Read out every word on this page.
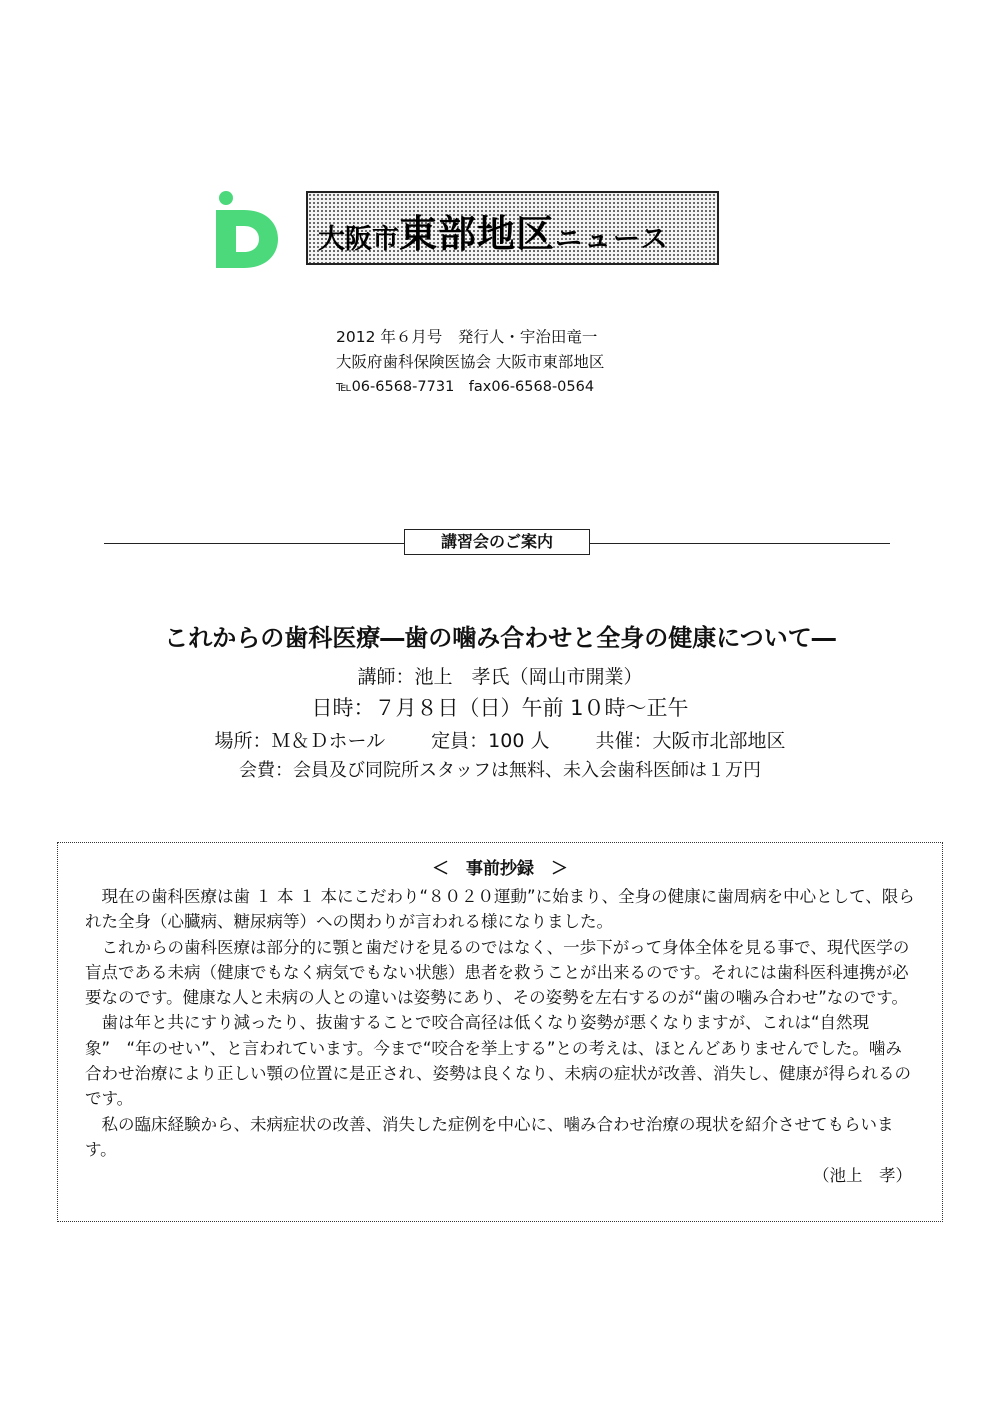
大阪市 東部地区 ニュース
2012 年６月号　発行人・宇治田竜一
大阪府歯科保険医協会 大阪市東部地区
℡06-6568-7731　fax06-6568-0564
講習会のご案内
これからの歯科医療―歯の噛み合わせと全身の健康について―
講師：池上　孝氏（岡山市開業）
日時：７月８日（日）午前 1０時～正午
場所：Ｍ＆Ｄホール 定員：100 人 共催：大阪市北部地区
会費：会員及び同院所スタッフは無料、未入会歯科医師は１万円
＜　事前抄録　＞

現在の歯科医療は歯 １ 本 １ 本にこだわり“８０２０運動”に始まり、全身の健康に歯周病を中心として、限られた全身（心臓病、糖尿病等）への関わりが言われる様になりました。

これからの歯科医療は部分的に顎と歯だけを見るのではなく、一歩下がって身体全体を見る事で、現代医学の盲点である未病（健康でもなく病気でもない状態）患者を救うことが出来るのです。それには歯科医科連携が必要なのです。健康な人と未病の人との違いは姿勢にあり、その姿勢を左右するのが“歯の噛み合わせ”なのです。

歯は年と共にすり減ったり、抜歯することで咬合高径は低くなり姿勢が悪くなりますが、これは“自然現象”　“年のせい”、と言われています。今まで“咬合を挙上する”との考えは、ほとんどありませんでした。噛み合わせ治療により正しい顎の位置に是正され、姿勢は良くなり、未病の症状が改善、消失し、健康が得られるのです。

私の臨床経験から、未病症状の改善、消失した症例を中心に、噛み合わせ治療の現状を紹介させてもらいます。

（池上　孝）
